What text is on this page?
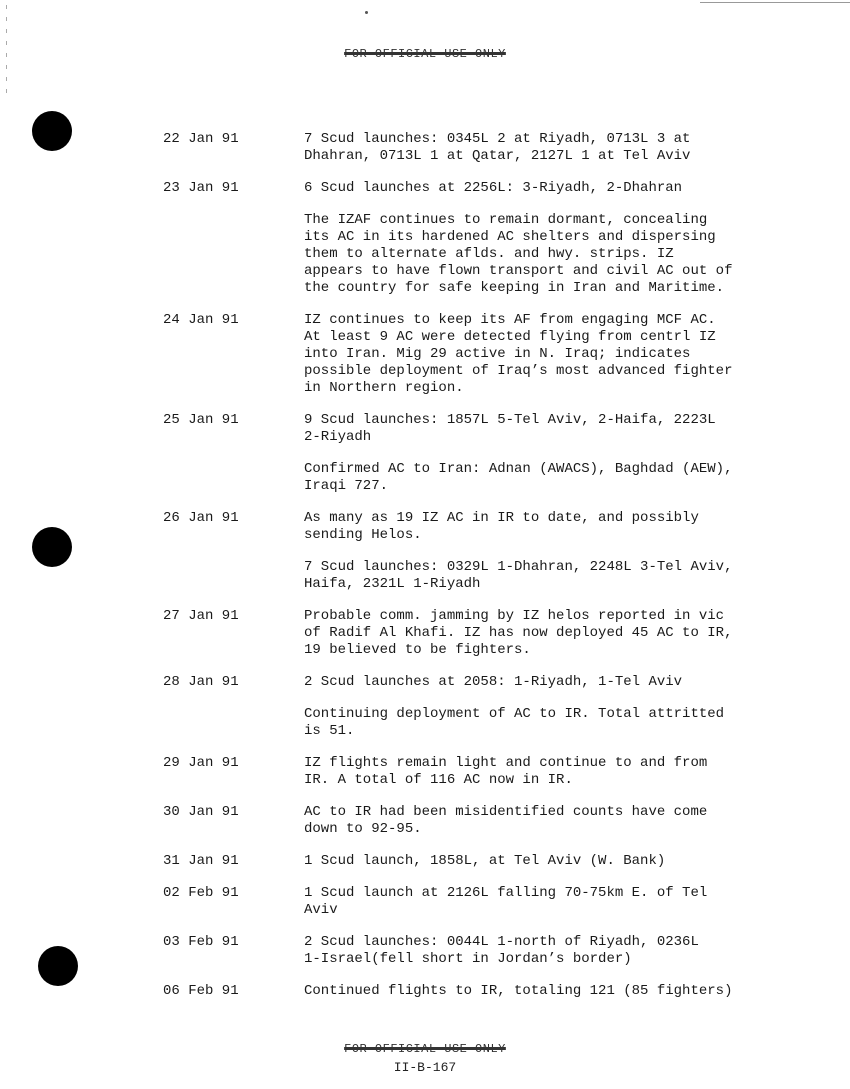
FOR OFFICIAL USE ONLY
22 Jan 91	7 Scud launches: 0345L 2 at Riyadh, 0713L 3 at
Dhahran, 0713L 1 at Qatar, 2127L 1 at Tel Aviv
23 Jan 91	6 Scud launches at 2256L: 3-Riyadh, 2-Dhahran
The IZAF continues to remain dormant, concealing
its AC in its hardened AC shelters and dispersing
them to alternate aflds. and hwy. strips. IZ
appears to have flown transport and civil AC out of
the country for safe keeping in Iran and Maritime.
24 Jan 91	IZ continues to keep its AF from engaging MCF AC.
At least 9 AC were detected flying from centrl IZ
into Iran. Mig 29 active in N. Iraq; indicates
possible deployment of Iraq’s most advanced fighter
in Northern region.
25 Jan 91	9 Scud launches: 1857L 5-Tel Aviv, 2-Haifa, 2223L
2-Riyadh
Confirmed AC to Iran: Adnan (AWACS), Baghdad (AEW),
Iraqi 727.
26 Jan 91	As many as 19 IZ AC in IR to date, and possibly
sending Helos.
7 Scud launches: 0329L 1-Dhahran, 2248L 3-Tel Aviv,
Haifa, 2321L 1-Riyadh
27 Jan 91	Probable comm. jamming by IZ helos reported in vic
of Radif Al Khafi. IZ has now deployed 45 AC to IR,
19 believed to be fighters.
28 Jan 91	2 Scud launches at 2058: 1-Riyadh, 1-Tel Aviv
Continuing deployment of AC to IR. Total attritted
is 51.
29 Jan 91	IZ flights remain light and continue to and from
IR. A total of 116 AC now in IR.
30 Jan 91	AC to IR had been misidentified counts have come
down to 92-95.
31 Jan 91	1 Scud launch, 1858L, at Tel Aviv (W. Bank)
02 Feb 91	1 Scud launch at 2126L falling 70-75km E. of Tel
Aviv
03 Feb 91	2 Scud launches: 0044L 1-north of Riyadh, 0236L
1-Israel(fell short in Jordan’s border)
06 Feb 91	Continued flights to IR, totaling 121 (85 fighters)
FOR OFFICIAL USE ONLY
II-B-167
